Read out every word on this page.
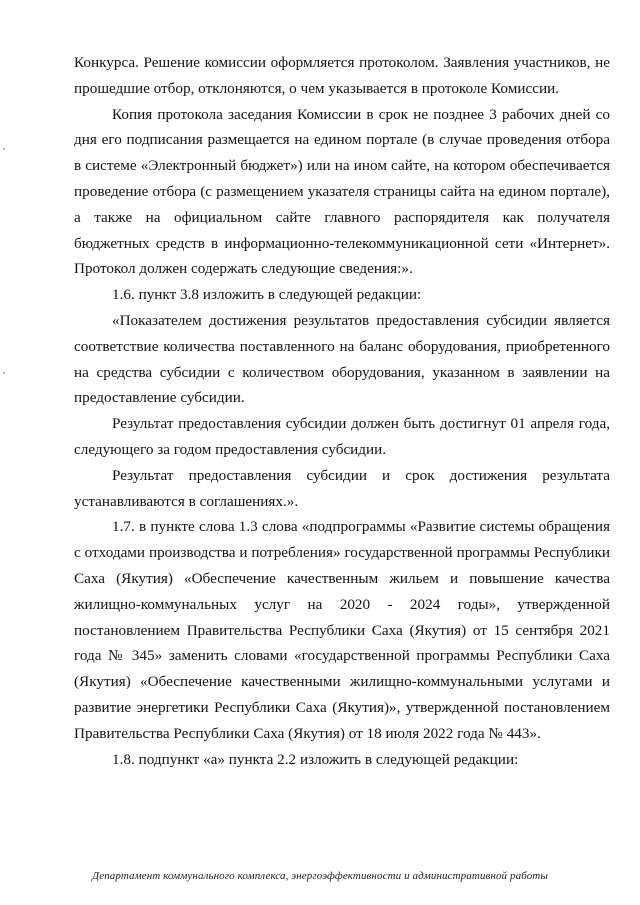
Конкурса. Решение комиссии оформляется протоколом. Заявления участников, не прошедшие отбор, отклоняются, о чем указывается в протоколе Комиссии.

Копия протокола заседания Комиссии в срок не позднее 3 рабочих дней со дня его подписания размещается на едином портале (в случае проведения отбора в системе «Электронный бюджет») или на ином сайте, на котором обеспечивается проведение отбора (с размещением указателя страницы сайта на едином портале), а также на официальном сайте главного распорядителя как получателя бюджетных средств в информационно-телекоммуникационной сети «Интернет». Протокол должен содержать следующие сведения:».

1.6. пункт 3.8 изложить в следующей редакции:

«Показателем достижения результатов предоставления субсидии является соответствие количества поставленного на баланс оборудования, приобретенного на средства субсидии с количеством оборудования, указанном в заявлении на предоставление субсидии.

Результат предоставления субсидии должен быть достигнут 01 апреля года, следующего за годом предоставления субсидии.

Результат предоставления субсидии и срок достижения результата устанавливаются в соглашениях.».

1.7. в пункте слова 1.3 слова «подпрограммы «Развитие системы обращения с отходами производства и потребления» государственной программы Республики Саха (Якутия) «Обеспечение качественным жильем и повышение качества жилищно-коммунальных услуг на 2020 - 2024 годы», утвержденной постановлением Правительства Республики Саха (Якутия) от 15 сентября 2021 года № 345» заменить словами «государственной программы Республики Саха (Якутия) «Обеспечение качественными жилищно-коммунальными услугами и развитие энергетики Республики Саха (Якутия)», утвержденной постановлением Правительства Республики Саха (Якутия) от 18 июля 2022 года № 443».

1.8. подпункт «а» пункта 2.2 изложить в следующей редакции:

Департамент коммунального комплекса, энергоэффективности и административной работы
